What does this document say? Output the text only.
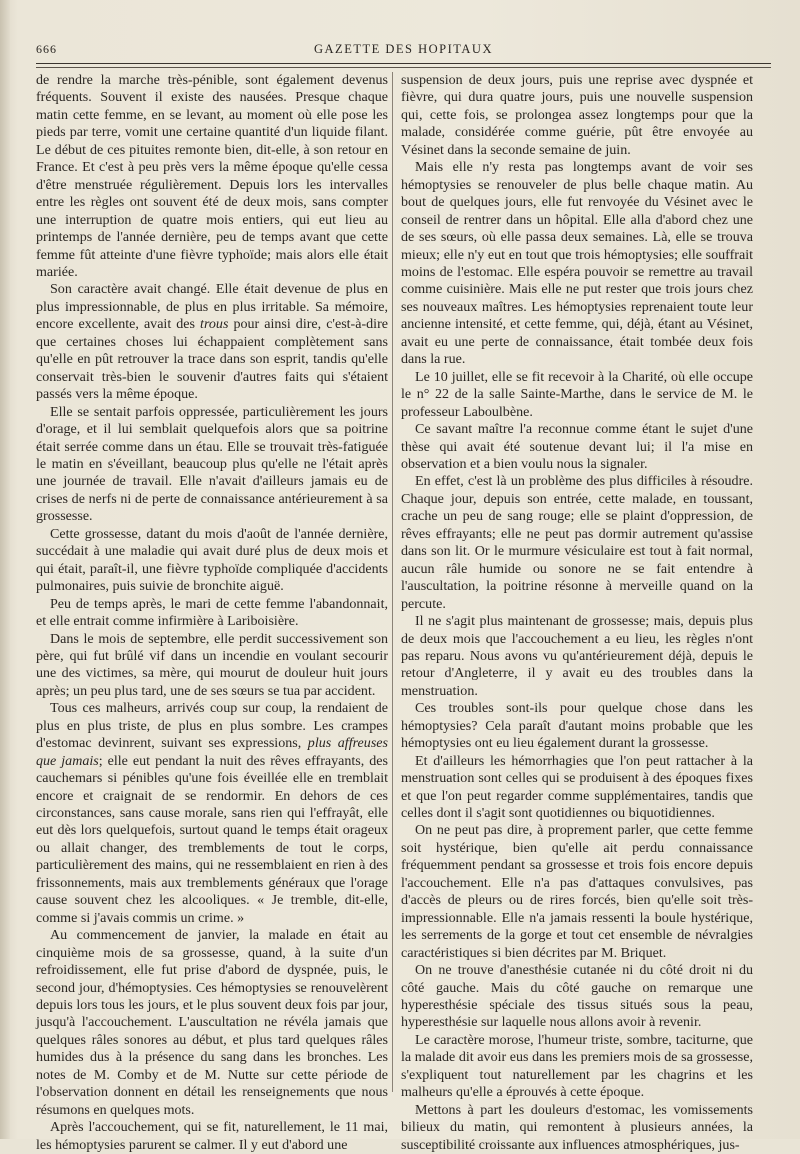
666	GAZETTE DES HOPITAUX

de rendre la marche très-pénible, sont également devenus fréquents. Souvent il existe des nausées. Presque chaque matin cette femme, en se levant, au moment où elle pose les pieds par terre, vomit une certaine quantité d'un liquide filant. Le début de ces pituites remonte bien, dit-elle, à son retour en France. Et c'est à peu près vers la même époque qu'elle cessa d'être menstruée régulièrement. Depuis lors les intervalles entre les règles ont souvent été de deux mois, sans compter une interruption de quatre mois entiers, qui eut lieu au printemps de l'année dernière, peu de temps avant que cette femme fût atteinte d'une fièvre typhoïde; mais alors elle était mariée.

Son caractère avait changé. Elle était devenue de plus en plus impressionnable, de plus en plus irritable. Sa mémoire, encore excellente, avait des trous pour ainsi dire, c'est-à-dire que certaines choses lui échappaient complètement sans qu'elle en pût retrouver la trace dans son esprit, tandis qu'elle conservait très-bien le souvenir d'autres faits qui s'étaient passés vers la même époque.

Elle se sentait parfois oppressée, particulièrement les jours d'orage, et il lui semblait quelquefois alors que sa poitrine était serrée comme dans un étau. Elle se trouvait très-fatiguée le matin en s'éveillant, beaucoup plus qu'elle ne l'était après une journée de travail. Elle n'avait d'ailleurs jamais eu de crises de nerfs ni de perte de connaissance antérieurement à sa grossesse.

Cette grossesse, datant du mois d'août de l'année dernière, succédait à une maladie qui avait duré plus de deux mois et qui était, paraît-il, une fièvre typhoïde compliquée d'accidents pulmonaires, puis suivie de bronchite aiguë.

Peu de temps après, le mari de cette femme l'abandonnait, et elle entrait comme infirmière à Lariboisière.

Dans le mois de septembre, elle perdit successivement son père, qui fut brûlé vif dans un incendie en voulant secourir une des victimes, sa mère, qui mourut de douleur huit jours après; un peu plus tard, une de ses sœurs se tua par accident.

Tous ces malheurs, arrivés coup sur coup, la rendaient de plus en plus triste, de plus en plus sombre. Les crampes d'estomac devinrent, suivant ses expressions, plus affreuses que jamais; elle eut pendant la nuit des rêves effrayants, des cauchemars si pénibles qu'une fois éveillée elle en tremblait encore et craignait de se rendormir. En dehors de ces circonstances, sans cause morale, sans rien qui l'effrayât, elle eut dès lors quelquefois, surtout quand le temps était orageux ou allait changer, des tremblements de tout le corps, particulièrement des mains, qui ne ressemblaient en rien à des frissonnements, mais aux tremblements généraux que l'orage cause souvent chez les alcooliques. « Je tremble, dit-elle, comme si j'avais commis un crime. »

Au commencement de janvier, la malade en était au cinquième mois de sa grossesse, quand, à la suite d'un refroidissement, elle fut prise d'abord de dyspnée, puis, le second jour, d'hémoptysies. Ces hémoptysies se renouvelèrent depuis lors tous les jours, et le plus souvent deux fois par jour, jusqu'à l'accouchement. L'auscultation ne révéla jamais que quelques râles sonores au début, et plus tard quelques râles humides dus à la présence du sang dans les bronches. Les notes de M. Comby et de M. Nutte sur cette période de l'observation donnent en détail les renseignements que nous résumons en quelques mots.

Après l'accouchement, qui se fit, naturellement, le 11 mai, les hémoptysies parurent se calmer. Il y eut d'abord une

suspension de deux jours, puis une reprise avec dyspnée et fièvre, qui dura quatre jours, puis une nouvelle suspension qui, cette fois, se prolongea assez longtemps pour que la malade, considérée comme guérie, pût être envoyée au Vésinet dans la seconde semaine de juin.

Mais elle n'y resta pas longtemps avant de voir ses hémoptysies se renouveler de plus belle chaque matin. Au bout de quelques jours, elle fut renvoyée du Vésinet avec le conseil de rentrer dans un hôpital. Elle alla d'abord chez une de ses sœurs, où elle passa deux semaines. Là, elle se trouva mieux; elle n'y eut en tout que trois hémoptysies; elle souffrait moins de l'estomac. Elle espéra pouvoir se remettre au travail comme cuisinière. Mais elle ne put rester que trois jours chez ses nouveaux maîtres. Les hémoptysies reprenaient toute leur ancienne intensité, et cette femme, qui, déjà, étant au Vésinet, avait eu une perte de connaissance, était tombée deux fois dans la rue.

Le 10 juillet, elle se fit recevoir à la Charité, où elle occupe le n° 22 de la salle Sainte-Marthe, dans le service de M. le professeur Laboulbène.

Ce savant maître l'a reconnue comme étant le sujet d'une thèse qui avait été soutenue devant lui; il l'a mise en observation et a bien voulu nous la signaler.

En effet, c'est là un problème des plus difficiles à résoudre. Chaque jour, depuis son entrée, cette malade, en toussant, crache un peu de sang rouge; elle se plaint d'oppression, de rêves effrayants; elle ne peut pas dormir autrement qu'assise dans son lit. Or le murmure vésiculaire est tout à fait normal, aucun râle humide ou sonore ne se fait entendre à l'auscultation, la poitrine résonne à merveille quand on la percute.

Il ne s'agit plus maintenant de grossesse; mais, depuis plus de deux mois que l'accouchement a eu lieu, les règles n'ont pas reparu. Nous avons vu qu'antérieurement déjà, depuis le retour d'Angleterre, il y avait eu des troubles dans la menstruation.

Ces troubles sont-ils pour quelque chose dans les hémoptysies? Cela paraît d'autant moins probable que les hémoptysies ont eu lieu également durant la grossesse.

Et d'ailleurs les hémorrhagies que l'on peut rattacher à la menstruation sont celles qui se produisent à des époques fixes et que l'on peut regarder comme supplémentaires, tandis que celles dont il s'agit sont quotidiennes ou biquotidiennes.

On ne peut pas dire, à proprement parler, que cette femme soit hystérique, bien qu'elle ait perdu connaissance fréquemment pendant sa grossesse et trois fois encore depuis l'accouchement. Elle n'a pas d'attaques convulsives, pas d'accès de pleurs ou de rires forcés, bien qu'elle soit très-impressionnable. Elle n'a jamais ressenti la boule hystérique, les serrements de la gorge et tout cet ensemble de névralgies caractéristiques si bien décrites par M. Briquet.

On ne trouve d'anesthésie cutanée ni du côté droit ni du côté gauche. Mais du côté gauche on remarque une hyperesthésie spéciale des tissus situés sous la peau, hyperesthésie sur laquelle nous allons avoir à revenir.

Le caractère morose, l'humeur triste, sombre, taciturne, que la malade dit avoir eus dans les premiers mois de sa grossesse, s'expliquent tout naturellement par les chagrins et les malheurs qu'elle a éprouvés à cette époque.

Mettons à part les douleurs d'estomac, les vomissements bilieux du matin, qui remontent à plusieurs années, la susceptibilité croissante aux influences atmosphériques, jus-
